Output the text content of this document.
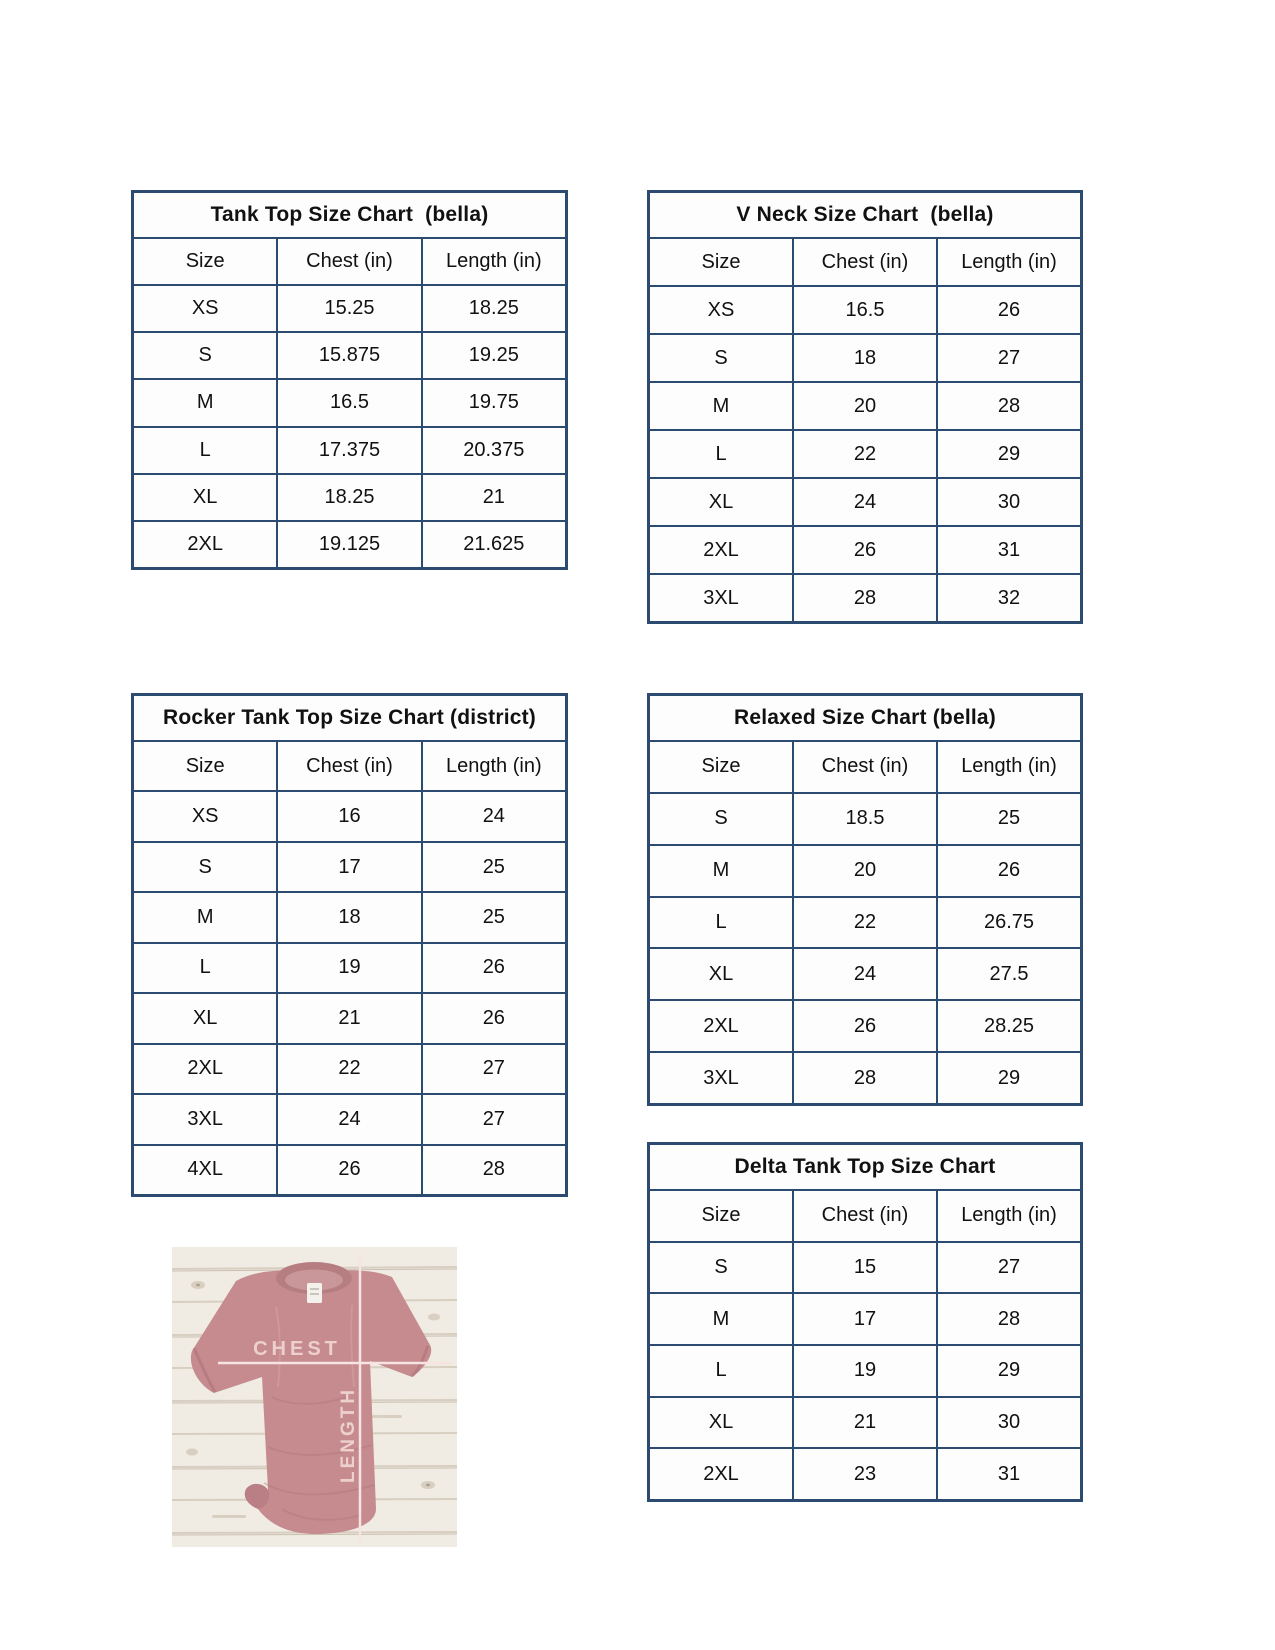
Tank Top Size Chart  (bella)
Size	Chest (in)	Length (in)
XS	15.25	18.25
S	15.875	19.25
M	16.5	19.75
L	17.375	20.375
XL	18.25	21
2XL	19.125	21.625
V Neck Size Chart  (bella)
Size	Chest (in)	Length (in)
XS	16.5	26
S	18	27
M	20	28
L	22	29
XL	24	30
2XL	26	31
3XL	28	32
Rocker Tank Top Size Chart (district)
Size	Chest (in)	Length (in)
XS	16	24
S	17	25
M	18	25
L	19	26
XL	21	26
2XL	22	27
3XL	24	27
4XL	26	28
Relaxed Size Chart (bella)
Size	Chest (in)	Length (in)
S	18.5	25
M	20	26
L	22	26.75
XL	24	27.5
2XL	26	28.25
3XL	28	29
Delta Tank Top Size Chart
Size	Chest (in)	Length (in)
S	15	27
M	17	28
L	19	29
XL	21	30
2XL	23	31
CHEST
LENGTH
